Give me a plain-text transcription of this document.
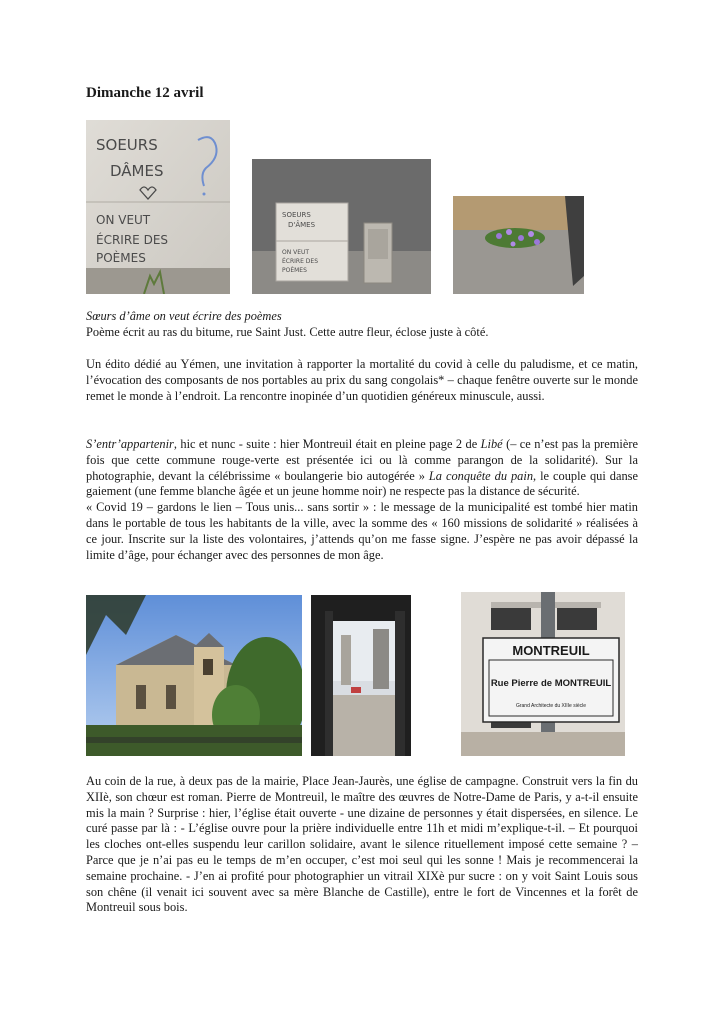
Dimanche 12 avril
SOEURS
DÂMES
ON VEUT
ÉCRIRE DES
POÈMES
SOEURS
D'ÂMES
ON VEUT
ÉCRIRE DES
POÈMES

Sœurs d’âme on veut écrire des poèmes

Poème écrit au ras du bitume, rue Saint Just. Cette autre fleur, éclose juste à côté.

Un édito dédié au Yémen, une invitation à rapporter la mortalité du covid à celle du paludisme, et ce matin, l’évocation des composants de nos portables au prix du sang congolais* – chaque fenêtre ouverte sur le monde remet le monde à l’endroit. La rencontre inopinée d’un quotidien généreux minuscule, aussi.

S’entr’appartenir, hic et nunc - suite : hier Montreuil était en pleine page 2 de Libé (– ce n’est pas la première fois que cette commune rouge-verte est présentée ici ou là comme parangon de la solidarité). Sur la photographie, devant la célébrissime « boulangerie bio autogérée » La conquête du pain, le couple qui danse gaiement (une femme blanche âgée et un jeune homme noir) ne respecte pas la distance de sécurité.

« Covid 19 – gardons le lien – Tous unis... sans sortir » : le message de la municipalité est tombé hier matin dans le portable de tous les habitants de la ville, avec la somme des « 160 missions de solidarité » réalisées à ce jour. Inscrite sur la liste des volontaires, j’attends qu’on me fasse signe. J’espère ne pas avoir dépassé la limite d’âge, pour échanger avec des personnes de mon âge.

MONTREUIL
Rue Pierre de MONTREUIL
Grand Architecte du XIIIe siècle

Au coin de la rue, à deux pas de la mairie, Place Jean-Jaurès, une église de campagne. Construit vers la fin du XIIè, son chœur est roman. Pierre de Montreuil, le maître des œuvres de Notre-Dame de Paris, y a-t-il ensuite mis la main ? Surprise : hier, l’église était ouverte - une dizaine de personnes y était dispersées, en silence. Le curé passe par là : - L’église ouvre pour la prière individuelle entre 11h et midi m’explique-t-il. – Et pourquoi les cloches ont-elles suspendu leur carillon solidaire, avant le silence rituellement imposé cette semaine ? – Parce que je n’ai pas eu le temps de m’en occuper, c’est moi seul qui les sonne ! Mais je recommencerai la semaine prochaine. - J’en ai profité pour photographier un vitrail XIXè pur sucre : on y voit Saint Louis sous son chêne (il venait ici souvent avec sa mère Blanche de Castille), entre le fort de Vincennes et la forêt de Montreuil sous bois.
